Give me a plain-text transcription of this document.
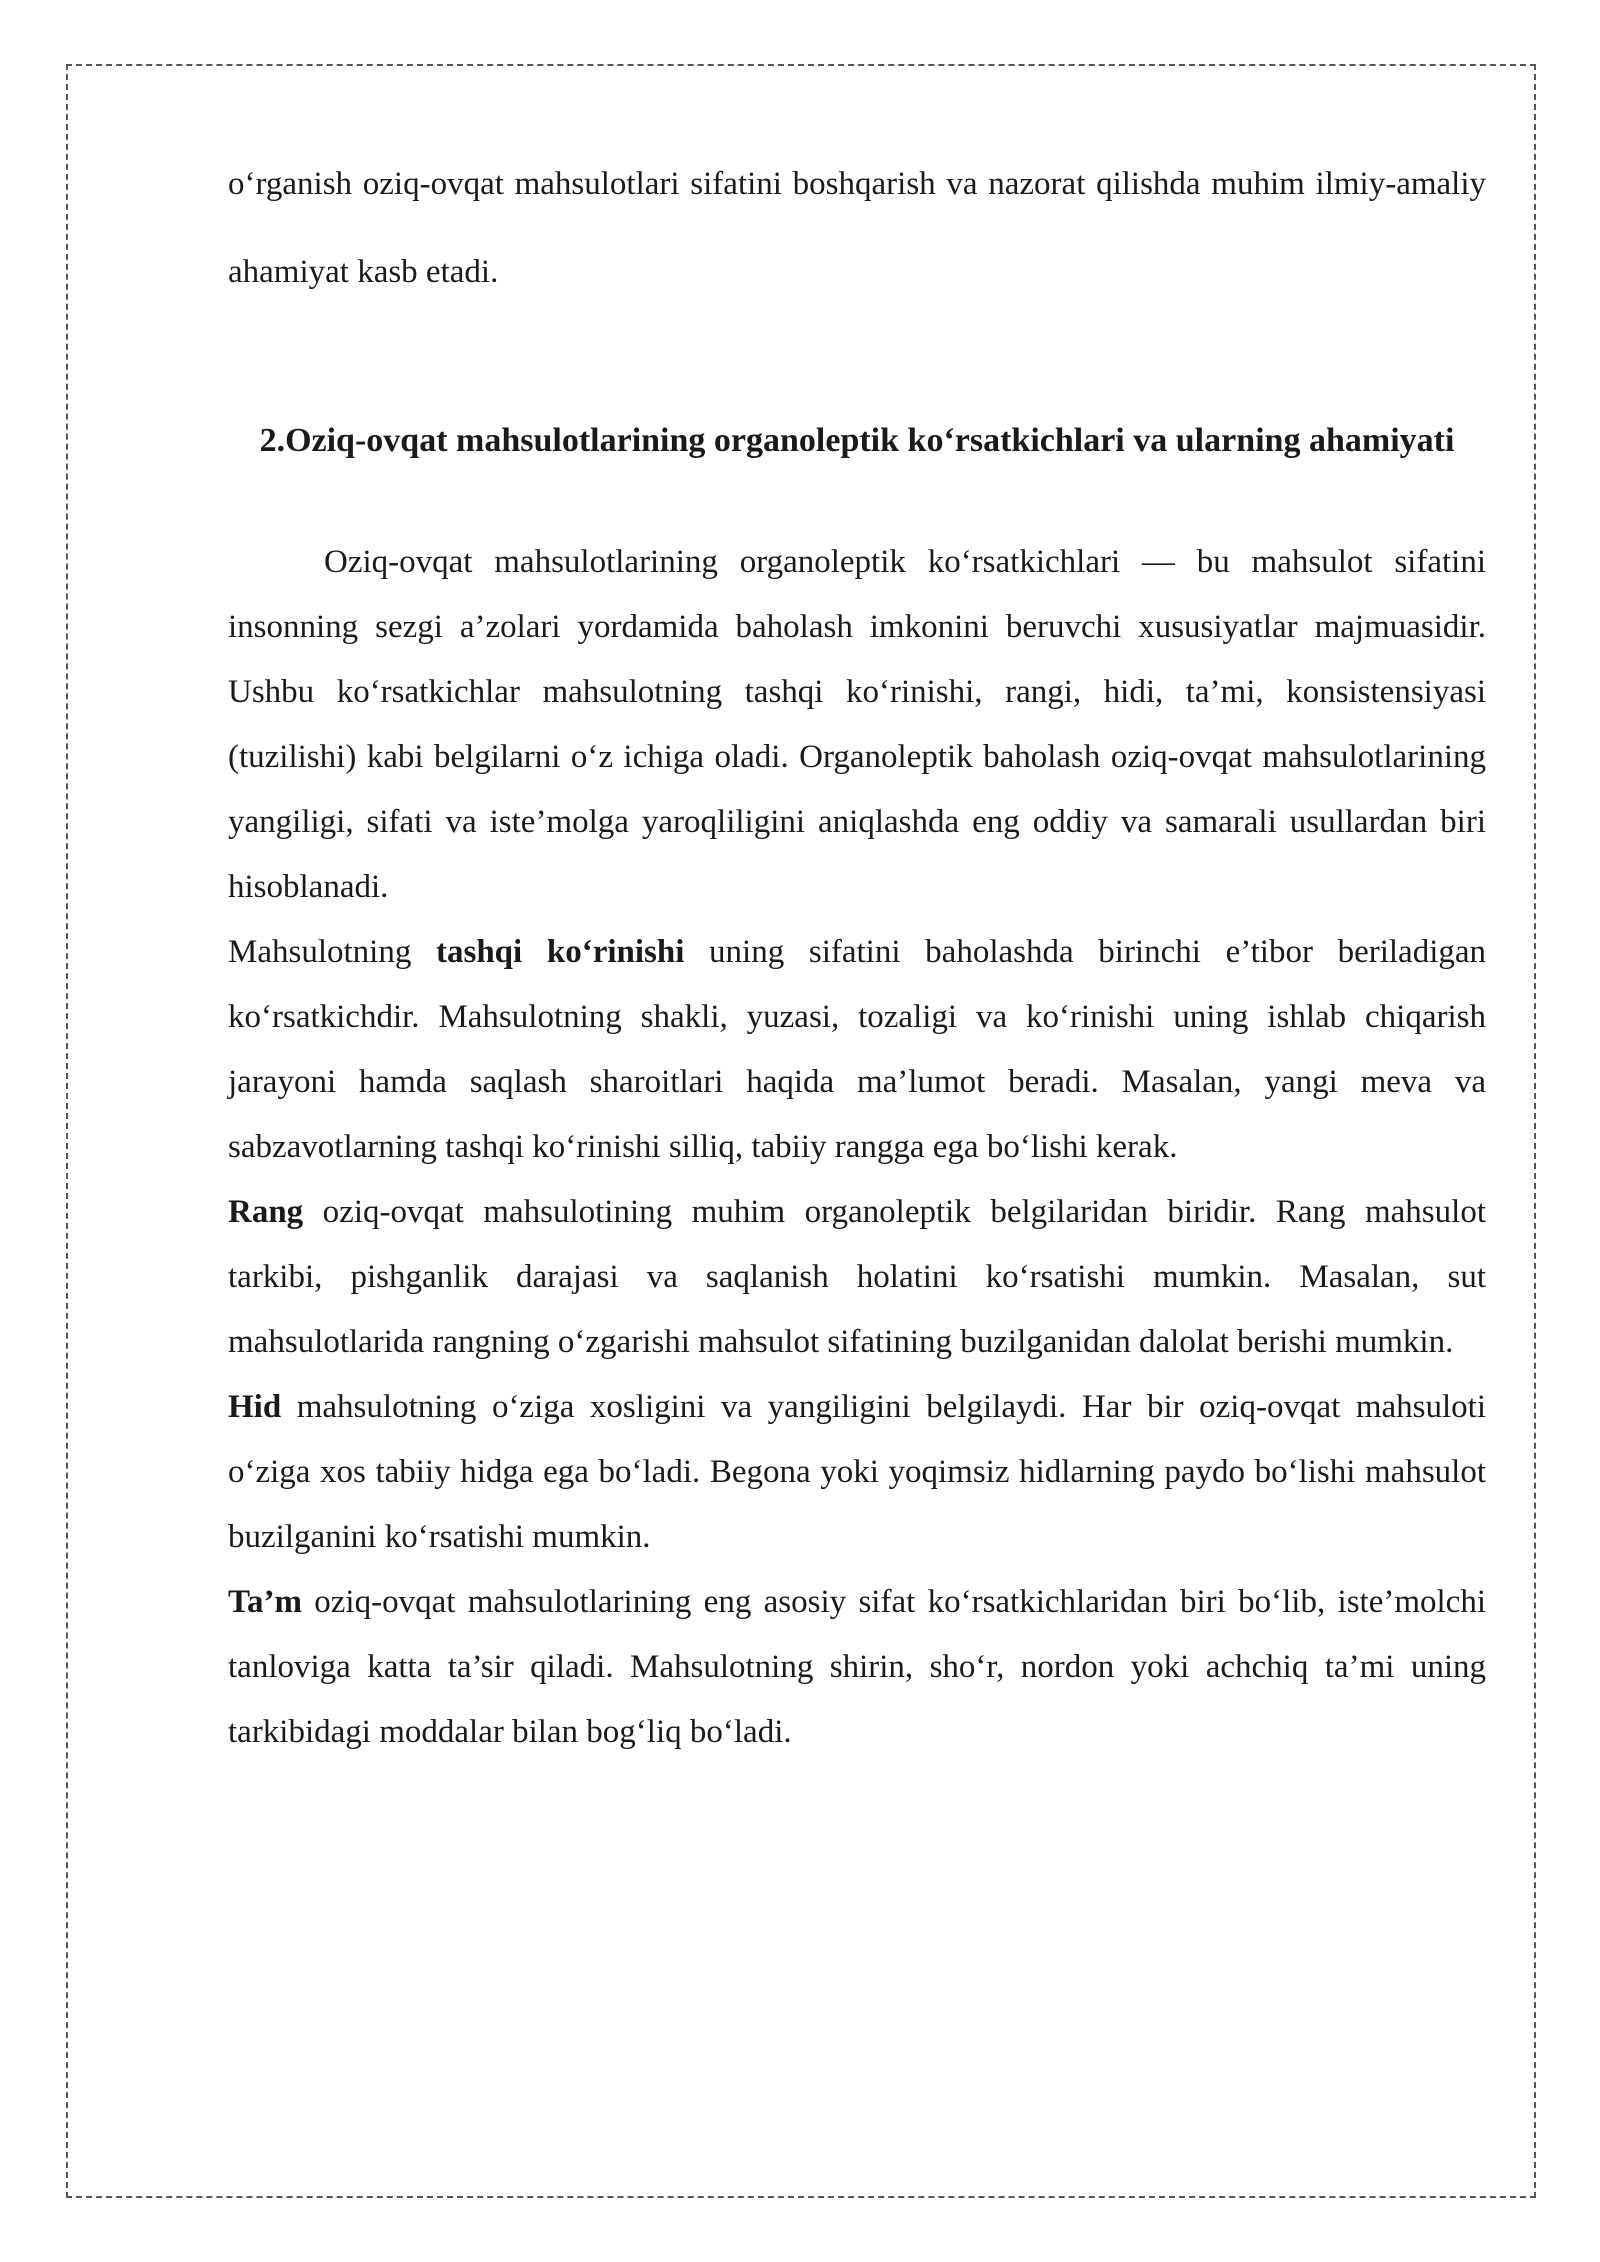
o‘rganish oziq-ovqat mahsulotlari sifatini boshqarish va nazorat qilishda muhim ilmiy-amaliy ahamiyat kasb etadi.

2.Oziq-ovqat mahsulotlarining organoleptik ko‘rsatkichlari va ularning ahamiyati

Oziq-ovqat mahsulotlarining organoleptik ko‘rsatkichlari — bu mahsulot sifatini insonning sezgi a’zolari yordamida baholash imkonini beruvchi xususiyatlar majmuasidir. Ushbu ko‘rsatkichlar mahsulotning tashqi ko‘rinishi, rangi, hidi, ta’mi, konsistensiyasi (tuzilishi) kabi belgilarni o‘z ichiga oladi. Organoleptik baholash oziq-ovqat mahsulotlarining yangiligi, sifati va iste’molga yaroqliligini aniqlashda eng oddiy va samarali usullardan biri hisoblanadi.

Mahsulotning tashqi ko‘rinishi uning sifatini baholashda birinchi e’tibor beriladigan ko‘rsatkichdir. Mahsulotning shakli, yuzasi, tozaligi va ko‘rinishi uning ishlab chiqarish jarayoni hamda saqlash sharoitlari haqida ma’lumot beradi. Masalan, yangi meva va sabzavotlarning tashqi ko‘rinishi silliq, tabiiy rangga ega bo‘lishi kerak.

Rang oziq-ovqat mahsulotining muhim organoleptik belgilaridan biridir. Rang mahsulot tarkibi, pishganlik darajasi va saqlanish holatini ko‘rsatishi mumkin. Masalan, sut mahsulotlarida rangning o‘zgarishi mahsulot sifatining buzilganidan dalolat berishi mumkin.

Hid mahsulotning o‘ziga xosligini va yangiligini belgilaydi. Har bir oziq-ovqat mahsuloti o‘ziga xos tabiiy hidga ega bo‘ladi. Begona yoki yoqimsiz hidlarning paydo bo‘lishi mahsulot buzilganini ko‘rsatishi mumkin.

Ta’m oziq-ovqat mahsulotlarining eng asosiy sifat ko‘rsatkichlaridan biri bo‘lib, iste’molchi tanloviga katta ta’sir qiladi. Mahsulotning shirin, sho‘r, nordon yoki achchiq ta’mi uning tarkibidagi moddalar bilan bog‘liq bo‘ladi.
